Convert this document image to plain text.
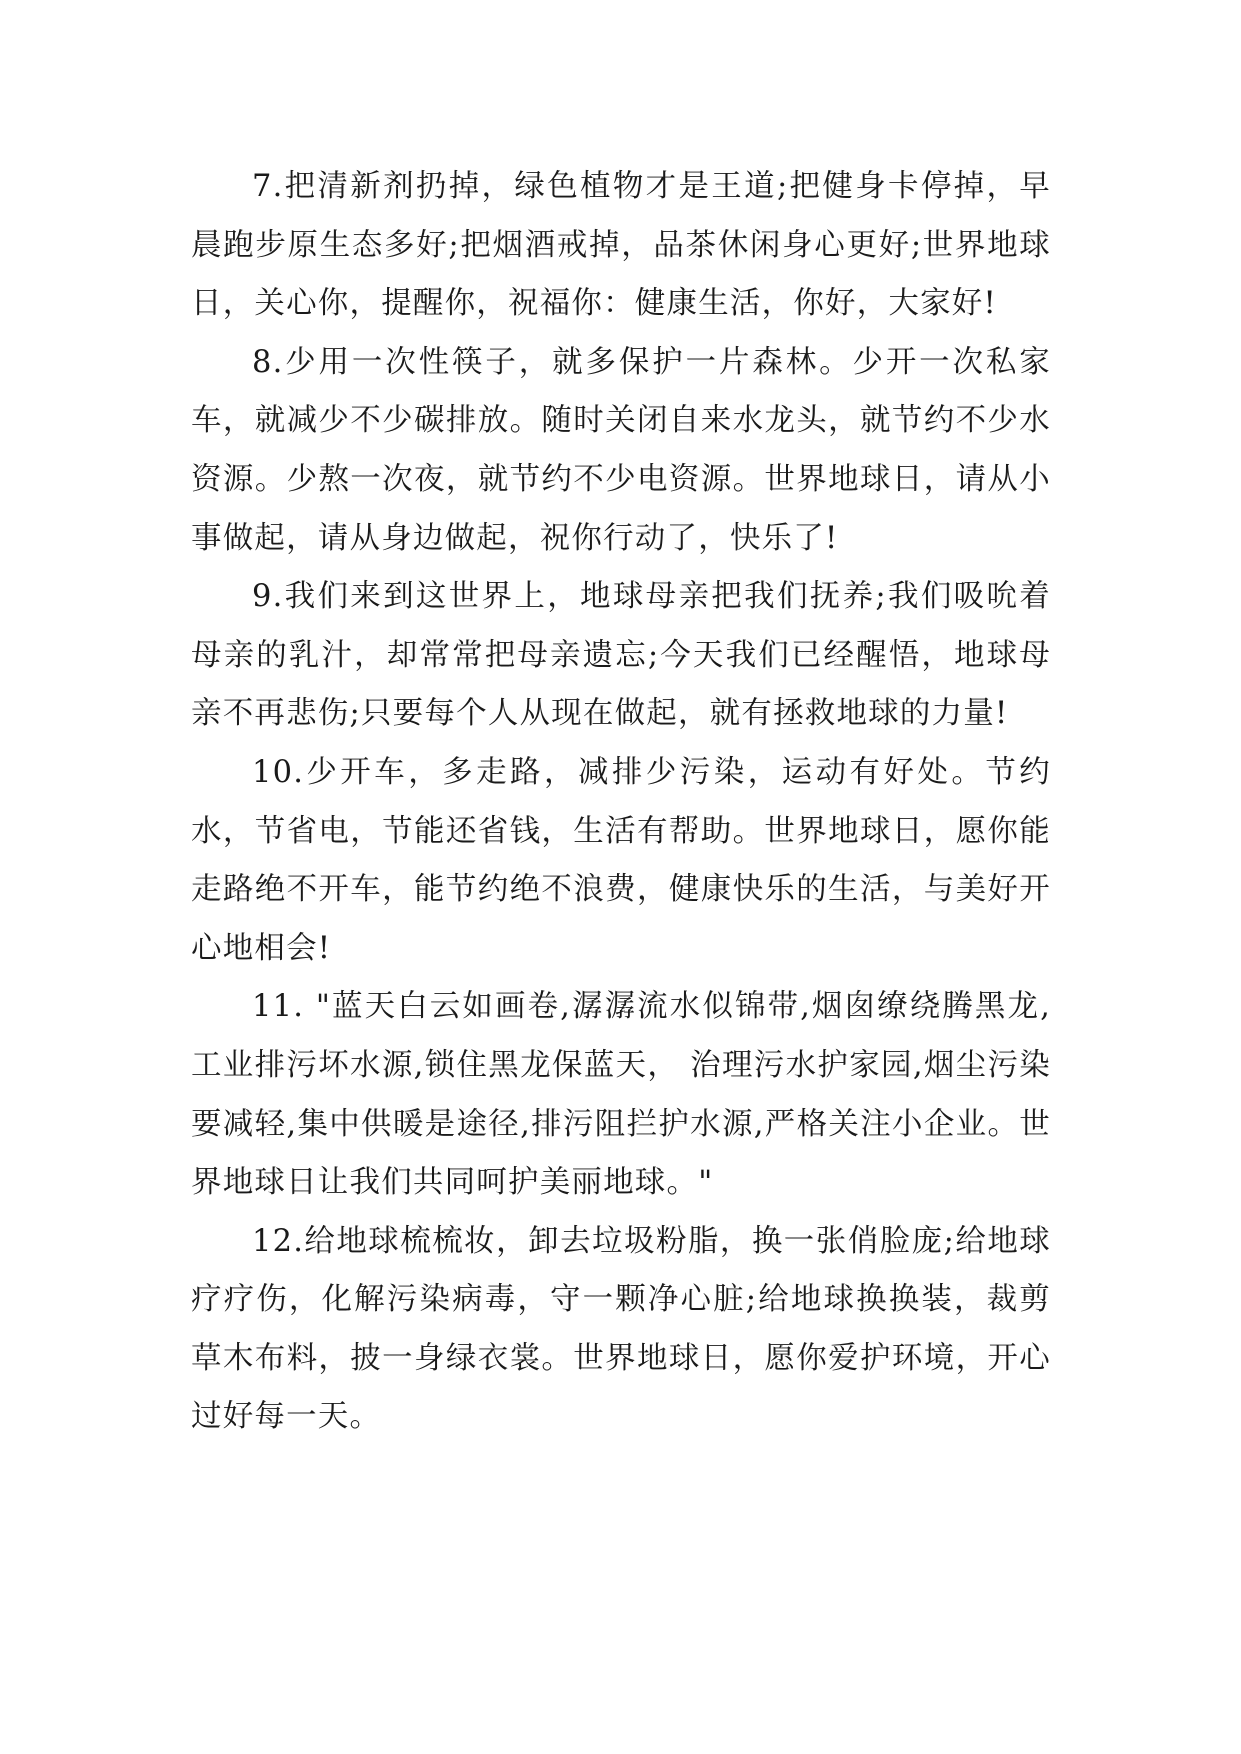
7.把清新剂扔掉，绿色植物才是王道;把健身卡停掉，早晨跑步原生态多好;把烟酒戒掉，品茶休闲身心更好;世界地球日，关心你，提醒你，祝福你：健康生活，你好，大家好!

8.少用一次性筷子，就多保护一片森林。少开一次私家车，就减少不少碳排放。随时关闭自来水龙头，就节约不少水资源。少熬一次夜，就节约不少电资源。世界地球日，请从小事做起，请从身边做起，祝你行动了，快乐了!

9.我们来到这世界上，地球母亲把我们抚养;我们吸吮着母亲的乳汁，却常常把母亲遗忘;今天我们已经醒悟，地球母亲不再悲伤;只要每个人从现在做起，就有拯救地球的力量!

10.少开车，多走路，减排少污染，运动有好处。节约水，节省电，节能还省钱，生活有帮助。世界地球日，愿你能走路绝不开车，能节约绝不浪费，健康快乐的生活，与美好开心地相会!

11. "蓝天白云如画卷,潺潺流水似锦带,烟囱缭绕腾黑龙,工业排污坏水源,锁住黑龙保蓝天， 治理污水护家园,烟尘污染要减轻,集中供暖是途径,排污阻拦护水源,严格关注小企业。世界地球日让我们共同呵护美丽地球。"

12.给地球梳梳妆，卸去垃圾粉脂，换一张俏脸庞;给地球疗疗伤，化解污染病毒，守一颗净心脏;给地球换换装，裁剪草木布料，披一身绿衣裳。世界地球日，愿你爱护环境，开心过好每一天。
